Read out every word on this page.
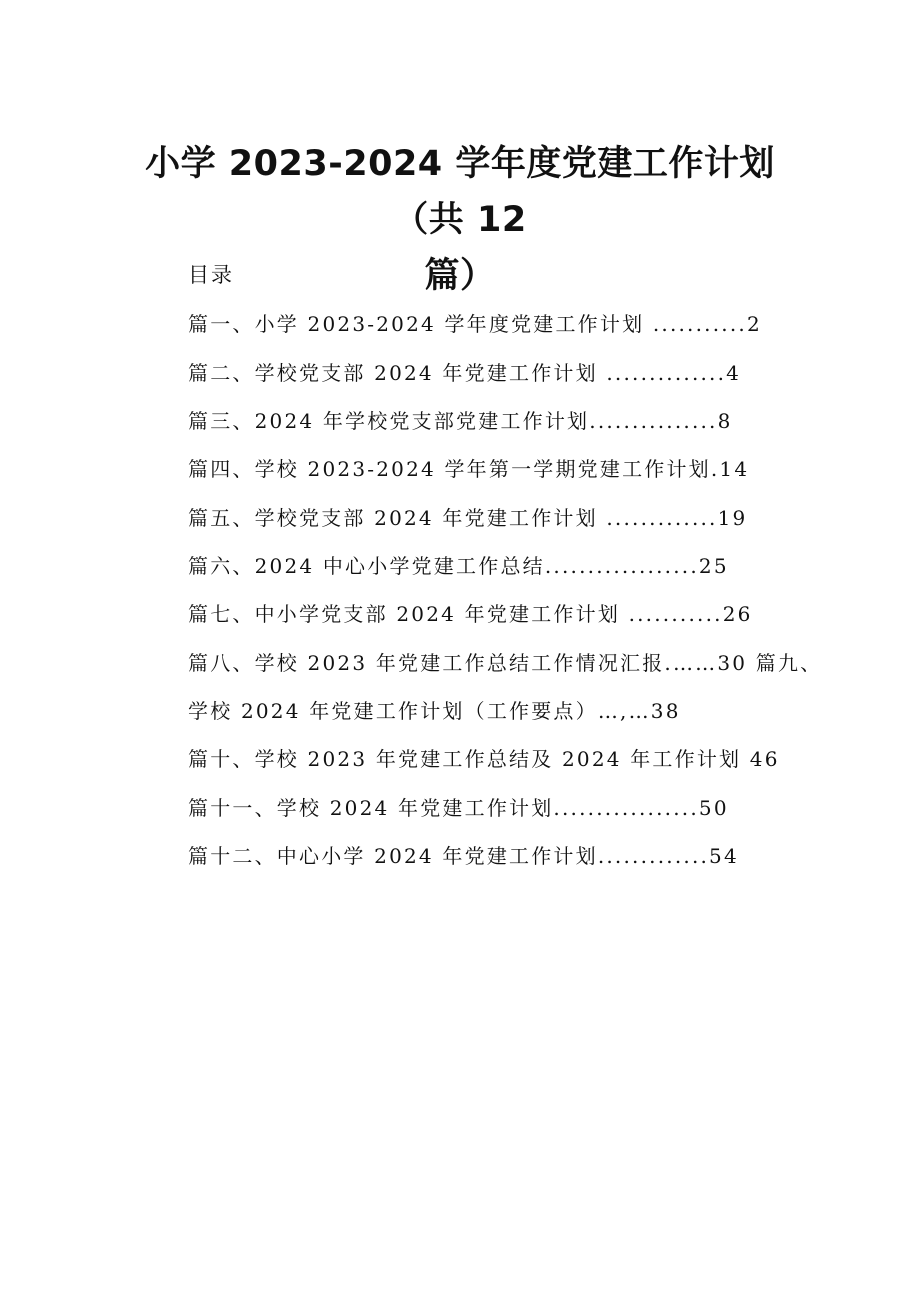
小学 2023-2024 学年度党建工作计划（共 12
篇）
目录
篇一、小学 2023-2024 学年度党建工作计划 ...........2
篇二、学校党支部 2024 年党建工作计划 ..............4
篇三、2024 年学校党支部党建工作计划...............8
篇四、学校 2023-2024 学年第一学期党建工作计划.14
篇五、学校党支部 2024 年党建工作计划 .............19
篇六、2024 中心小学党建工作总结..................25
篇七、中小学党支部 2024 年党建工作计划 ...........26
篇八、学校 2023 年党建工作总结工作情况汇报.……30 篇九、
学校 2024 年党建工作计划（工作要点）…,…38
篇十、学校 2023 年党建工作总结及 2024 年工作计划 46
篇十一、学校 2024 年党建工作计划.................50
篇十二、中心小学 2024 年党建工作计划.............54
